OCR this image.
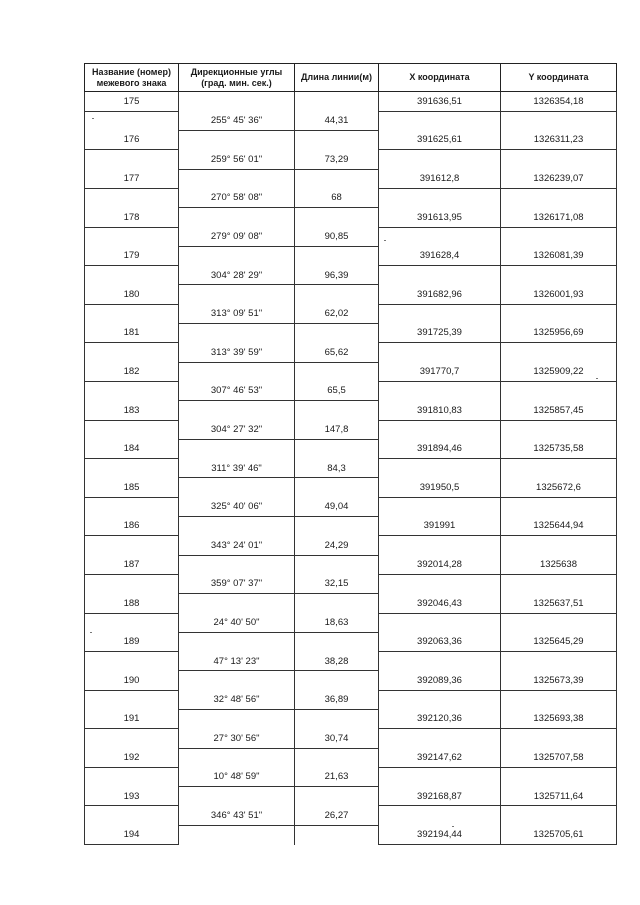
Название (номер) межевого знака	Дирекционные углы (град. мин. сек.)	Длина линии(м)	Х координата	Y координата
175			391636,51	1326354,18
	255° 45' 36"	44,31		
176			391625,61	1326311,23
	259° 56' 01"	73,29		
177			391612,8	1326239,07
	270° 58' 08"	68		
178			391613,95	1326171,08
	279° 09' 08"	90,85		
179			391628,4	1326081,39
	304° 28' 29"	96,39		
180			391682,96	1326001,93
	313° 09' 51"	62,02		
181			391725,39	1325956,69
	313° 39' 59"	65,62		
182			391770,7	1325909,22
	307° 46' 53"	65,5		
183			391810,83	1325857,45
	304° 27' 32"	147,8		
184			391894,46	1325735,58
	311° 39' 46"	84,3		
185			391950,5	1325672,6
	325° 40' 06"	49,04		
186			391991	1325644,94
	343° 24' 01"	24,29		
187			392014,28	1325638
	359° 07' 37"	32,15		
188			392046,43	1325637,51
	24° 40' 50"	18,63		
189			392063,36	1325645,29
	47° 13' 23"	38,28		
190			392089,36	1325673,39
	32° 48' 56"	36,89		
191			392120,36	1325693,38
	27° 30' 56"	30,74		
192			392147,62	1325707,58
	10° 48' 59"	21,63		
193			392168,87	1325711,64
	346° 43' 51"	26,27		
194			392194,44	1325705,61
